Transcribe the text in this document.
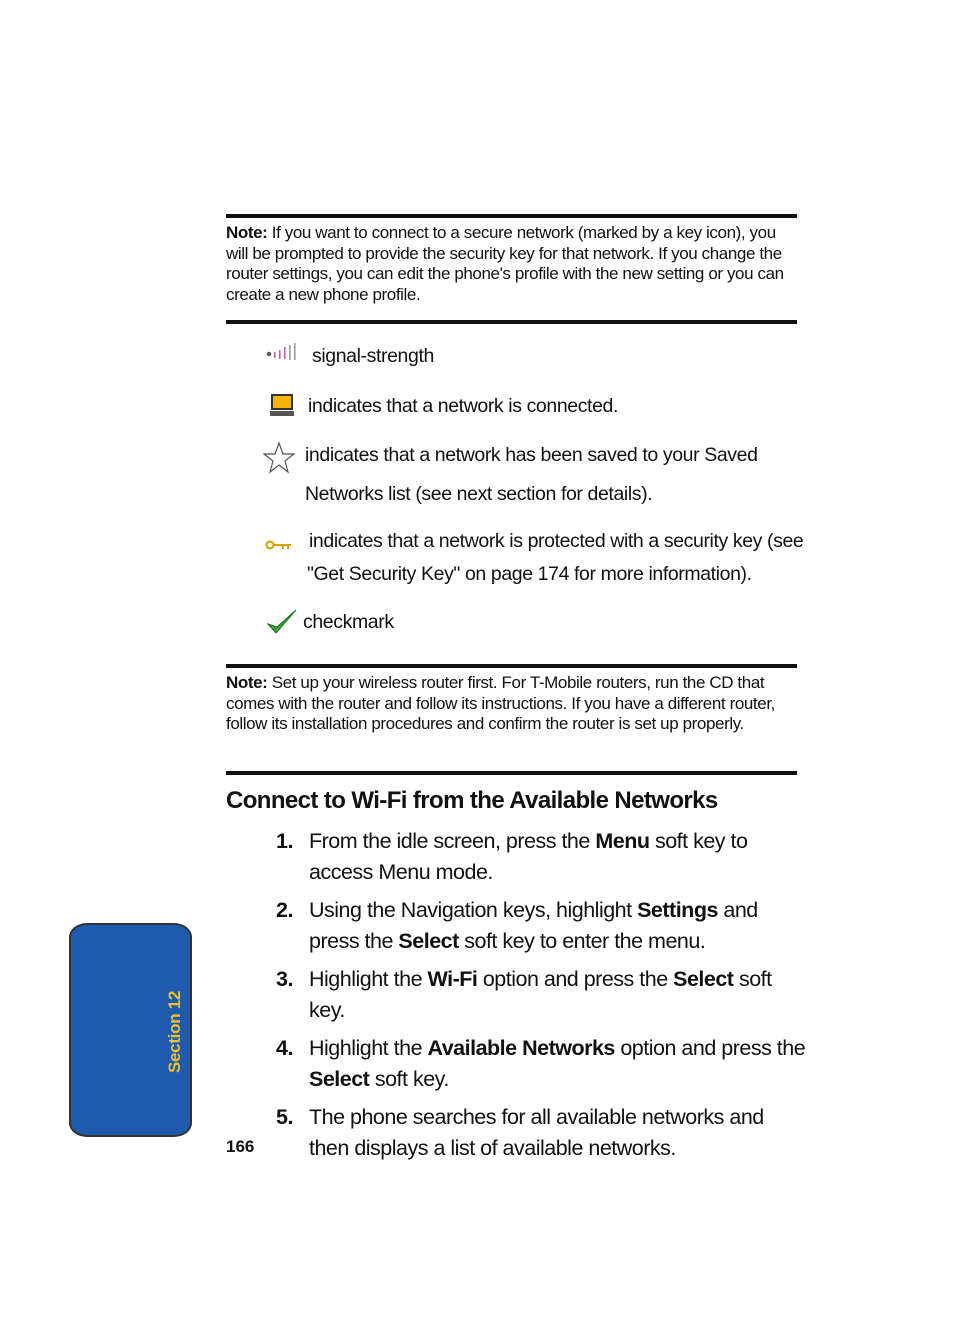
Note: If you want to connect to a secure network (marked by a key icon), you will be prompted to provide the security key for that network. If you change the router settings, you can edit the phone's profile with the new setting or you can create a new phone profile.

signal-strength
indicates that a network is connected.
indicates that a network has been saved to your Saved
Networks list (see next section for details).
indicates that a network is protected with a security key (see
"Get Security Key" on page 174 for more information).
checkmark

Note: Set up your wireless router first. For T-Mobile routers, run the CD that comes with the router and follow its instructions. If you have a different router, follow its installation procedures and confirm the router is set up properly.

Connect to Wi-Fi from the Available Networks
1. From the idle screen, press the Menu soft key to access Menu mode.
2. Using the Navigation keys, highlight Settings and press the Select soft key to enter the menu.
3. Highlight the Wi-Fi option and press the Select soft key.
4. Highlight the Available Networks option and press the Select soft key.
5. The phone searches for all available networks and then displays a list of available networks.
Section 12
166
